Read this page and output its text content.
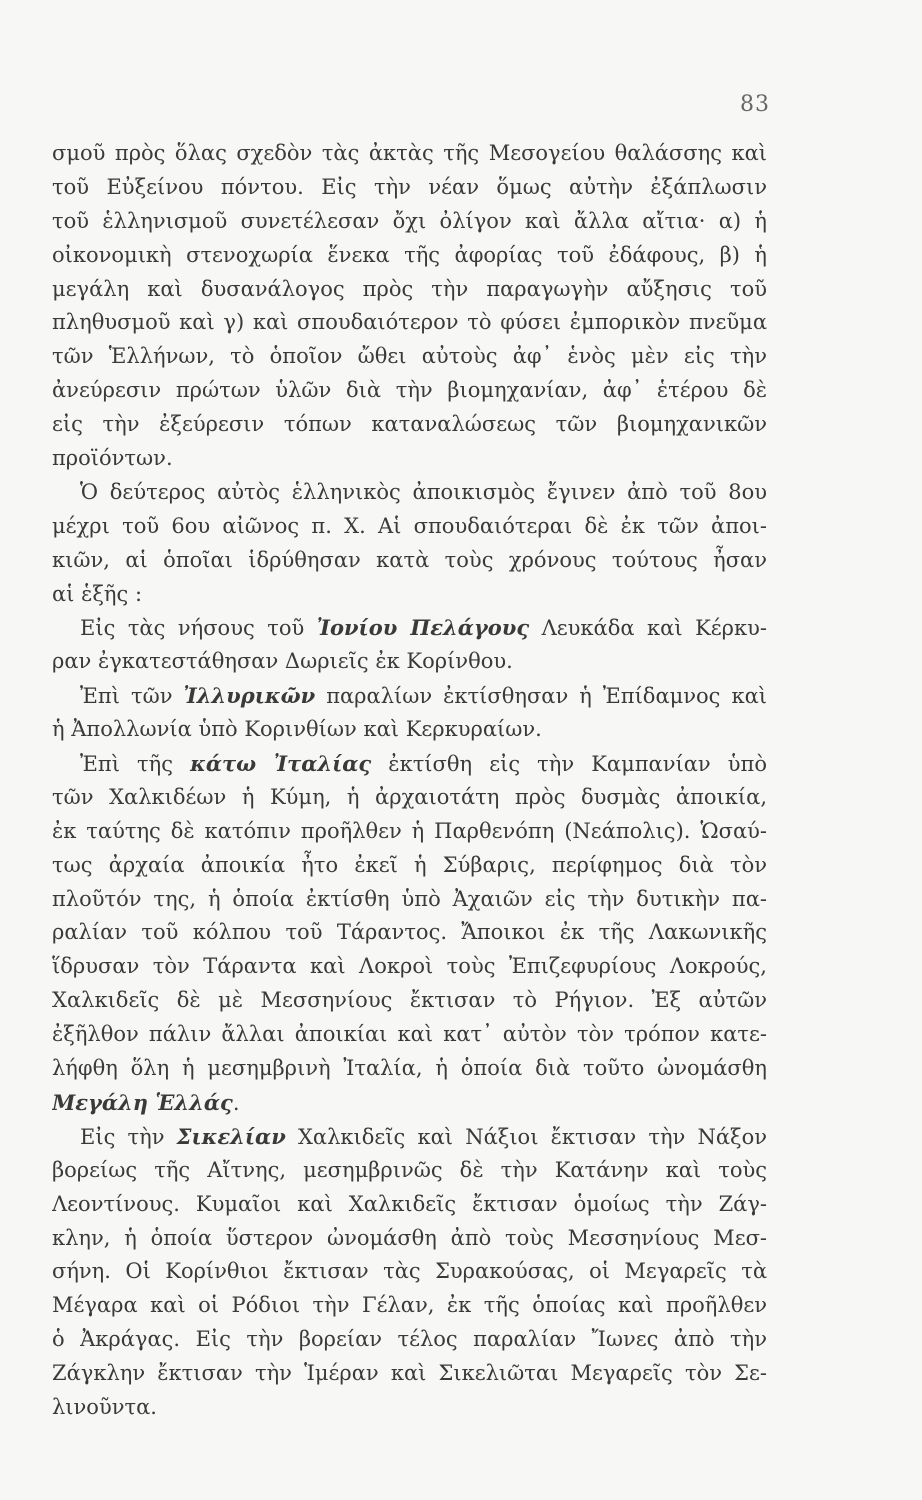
83
σμοῦ πρὸς ὅλας σχεδὸν τὰς ἀκτὰς τῆς Μεσογείου θαλάσσης καὶ
τοῦ Εὐξείνου πόντου. Εἰς τὴν νέαν ὅμως αὐτὴν ἐξάπλωσιν
τοῦ ἑλληνισμοῦ συνετέλεσαν ὄχι ὀλίγον καὶ ἄλλα αἴτια· α) ἡ
οἰκονομικὴ στενοχωρία ἕνεκα τῆς ἀφορίας τοῦ ἐδάφους, β) ἡ
μεγάλη καὶ δυσανάλογος πρὸς τὴν παραγωγὴν αὔξησις τοῦ
πληθυσμοῦ καὶ γ) καὶ σπουδαιότερον τὸ φύσει ἐμπορικὸν πνεῦμα
τῶν Ἑλλήνων, τὸ ὁποῖον ὤθει αὐτοὺς ἀφ᾽ ἑνὸς μὲν εἰς τὴν
ἀνεύρεσιν πρώτων ὑλῶν διὰ τὴν βιομηχανίαν, ἀφ᾽ ἑτέρου δὲ
εἰς τὴν ἐξεύρεσιν τόπων καταναλώσεως τῶν βιομηχανικῶν
προϊόντων.
Ὁ δεύτερος αὐτὸς ἑλληνικὸς ἀποικισμὸς ἔγινεν ἀπὸ τοῦ 8ου
μέχρι τοῦ 6ου αἰῶνος π. Χ. Αἱ σπουδαιότεραι δὲ ἐκ τῶν ἀποι-
κιῶν, αἱ ὁποῖαι ἱδρύθησαν κατὰ τοὺς χρόνους τούτους ἦσαν
αἱ ἑξῆς :
Εἰς τὰς νήσους τοῦ Ἰονίου Πελάγους Λευκάδα καὶ Κέρκυ-
ραν ἐγκατεστάθησαν Δωριεῖς ἐκ Κορίνθου.
Ἐπὶ τῶν Ἰλλυρικῶν παραλίων ἐκτίσθησαν ἡ Ἐπίδαμνος καὶ
ἡ Ἀπολλωνία ὑπὸ Κορινθίων καὶ Κερκυραίων.
Ἐπὶ τῆς κάτω Ἰταλίας ἐκτίσθη εἰς τὴν Καμπανίαν ὑπὸ
τῶν Χαλκιδέων ἡ Κύμη, ἡ ἀρχαιοτάτη πρὸς δυσμὰς ἀποικία,
ἐκ ταύτης δὲ κατόπιν προῆλθεν ἡ Παρθενόπη (Νεάπολις). Ὡσαύ-
τως ἀρχαία ἀποικία ἦτο ἐκεῖ ἡ Σύβαρις, περίφημος διὰ τὸν
πλοῦτόν της, ἡ ὁποία ἐκτίσθη ὑπὸ Ἀχαιῶν εἰς τὴν δυτικὴν πα-
ραλίαν τοῦ κόλπου τοῦ Τάραντος. Ἄποικοι ἐκ τῆς Λακωνικῆς
ἵδρυσαν τὸν Τάραντα καὶ Λοκροὶ τοὺς Ἐπιζεφυρίους Λοκρούς,
Χαλκιδεῖς δὲ μὲ Μεσσηνίους ἔκτισαν τὸ Ρήγιον. Ἐξ αὐτῶν
ἐξῆλθον πάλιν ἄλλαι ἀποικίαι καὶ κατ᾽ αὐτὸν τὸν τρόπον κατε-
λήφθη ὅλη ἡ μεσημβρινὴ Ἰταλία, ἡ ὁποία διὰ τοῦτο ὠνομάσθη
Μεγάλη Ἑλλάς.
Εἰς τὴν Σικελίαν Χαλκιδεῖς καὶ Νάξιοι ἔκτισαν τὴν Νάξον
βορείως τῆς Αἴτνης, μεσημβρινῶς δὲ τὴν Κατάνην καὶ τοὺς
Λεοντίνους. Κυμαῖοι καὶ Χαλκιδεῖς ἔκτισαν ὁμοίως τὴν Ζάγ-
κλην, ἡ ὁποία ὕστερον ὠνομάσθη ἀπὸ τοὺς Μεσσηνίους Μεσ-
σήνη. Οἱ Κορίνθιοι ἔκτισαν τὰς Συρακούσας, οἱ Μεγαρεῖς τὰ
Μέγαρα καὶ οἱ Ρόδιοι τὴν Γέλαν, ἐκ τῆς ὁποίας καὶ προῆλθεν
ὁ Ἀκράγας. Εἰς τὴν βορείαν τέλος παραλίαν Ἴωνες ἀπὸ τὴν
Ζάγκλην ἔκτισαν τὴν Ἱμέραν καὶ Σικελιῶται Μεγαρεῖς τὸν Σε-
λινοῦντα.
